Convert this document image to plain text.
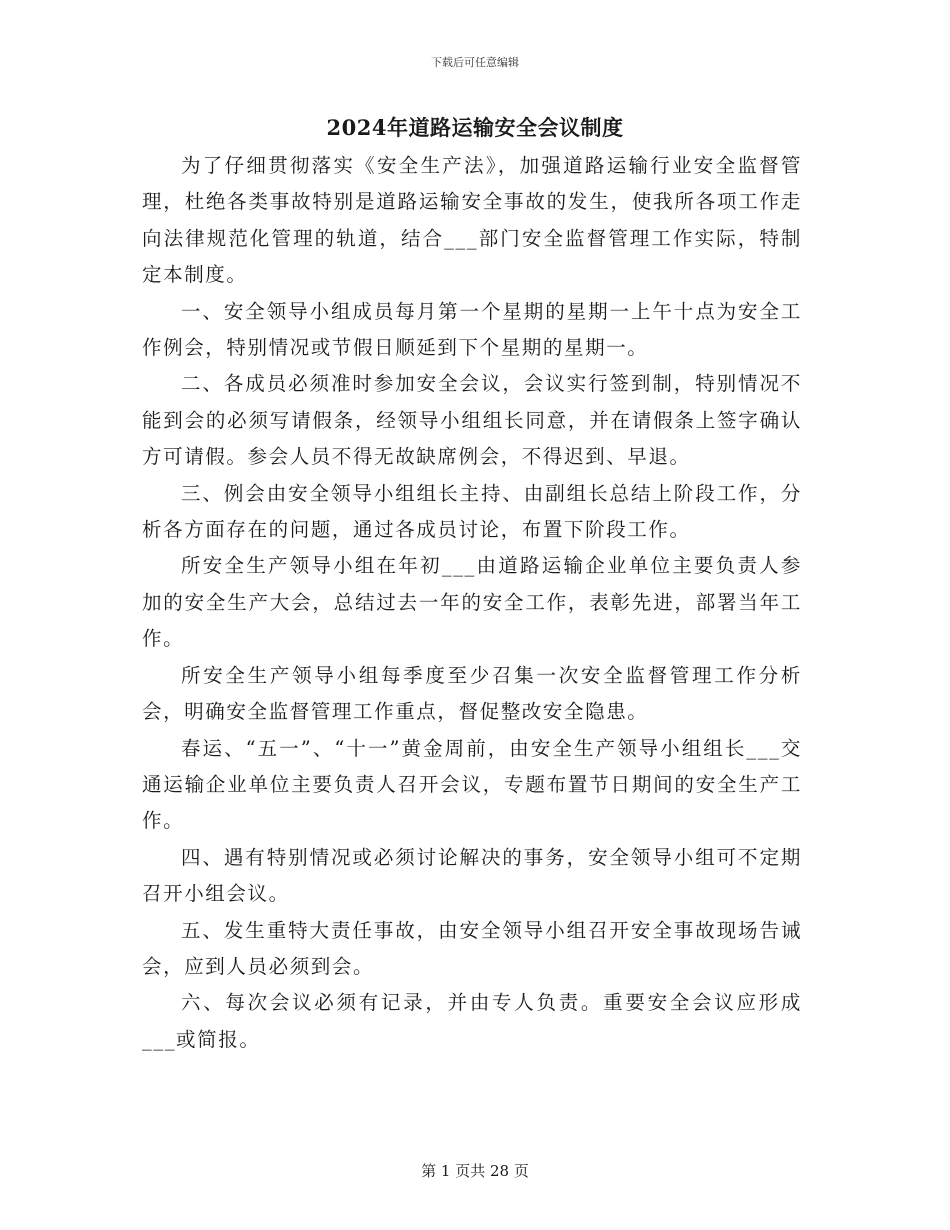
下载后可任意编辑
2024年道路运输安全会议制度

为了仔细贯彻落实《安全生产法》，加强道路运输行业安全监督管理，杜绝各类事故特别是道路运输安全事故的发生，使我所各项工作走向法律规范化管理的轨道，结合___部门安全监督管理工作实际，特制定本制度。

一、安全领导小组成员每月第一个星期的星期一上午十点为安全工作例会，特别情况或节假日顺延到下个星期的星期一。

二、各成员必须准时参加安全会议，会议实行签到制，特别情况不能到会的必须写请假条，经领导小组组长同意，并在请假条上签字确认方可请假。参会人员不得无故缺席例会，不得迟到、早退。

三、例会由安全领导小组组长主持、由副组长总结上阶段工作，分析各方面存在的问题，通过各成员讨论，布置下阶段工作。

所安全生产领导小组在年初___由道路运输企业单位主要负责人参加的安全生产大会，总结过去一年的安全工作，表彰先进，部署当年工作。

所安全生产领导小组每季度至少召集一次安全监督管理工作分析会，明确安全监督管理工作重点，督促整改安全隐患。

春运、“五一”、“十一”黄金周前，由安全生产领导小组组长___交通运输企业单位主要负责人召开会议，专题布置节日期间的安全生产工作。

四、遇有特别情况或必须讨论解决的事务，安全领导小组可不定期召开小组会议。

五、发生重特大责任事故，由安全领导小组召开安全事故现场告诫会，应到人员必须到会。

六、每次会议必须有记录，并由专人负责。重要安全会议应形成___或简报。

第 1 页共 28 页
